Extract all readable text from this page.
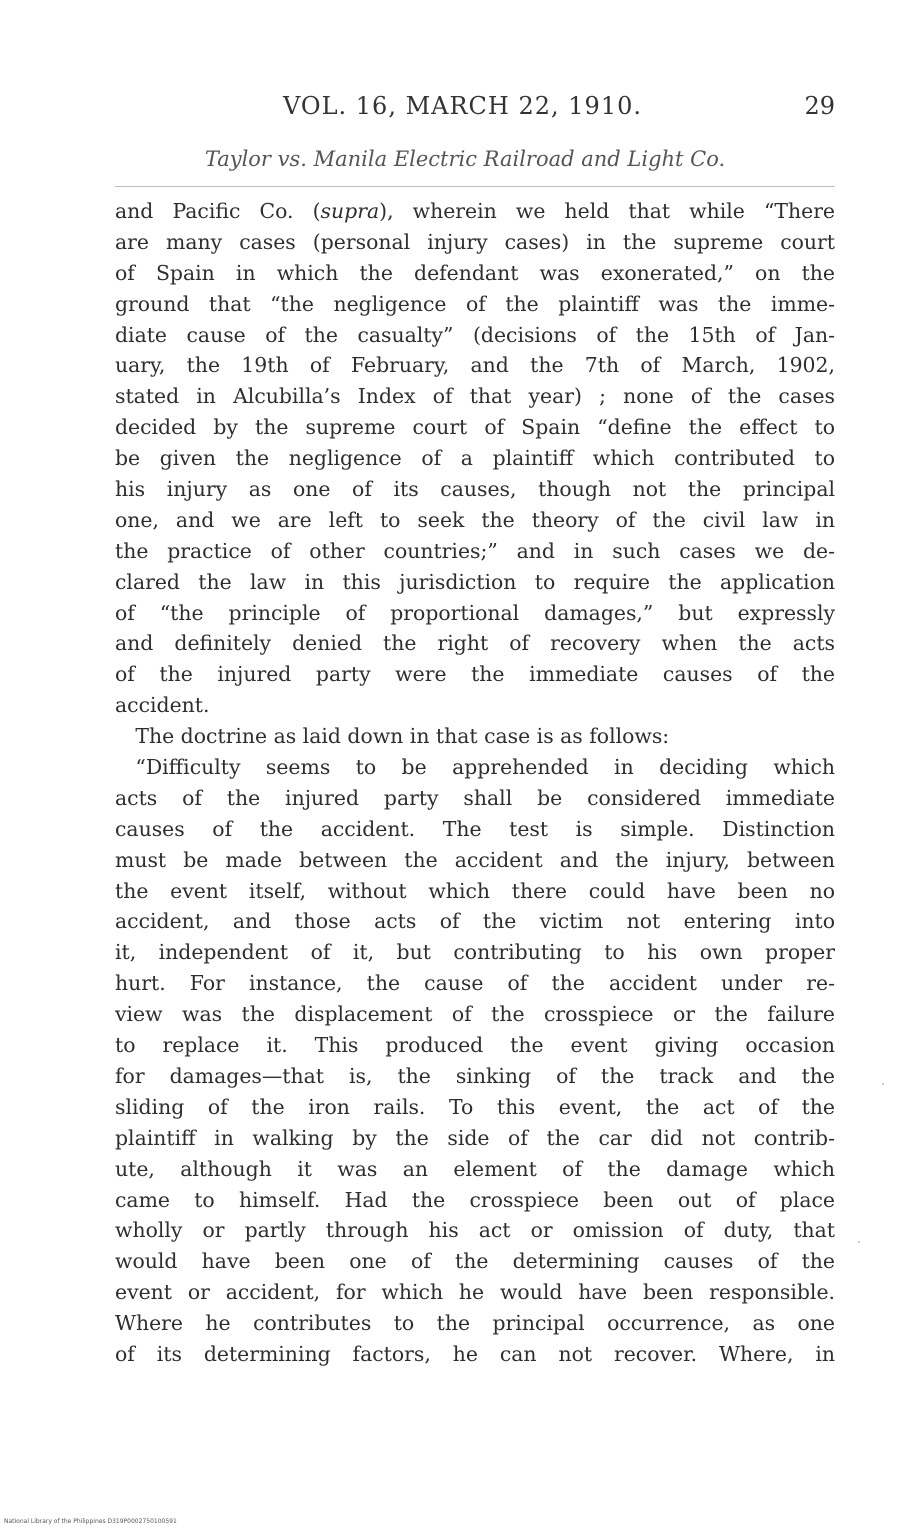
VOL. 16, MARCH 22, 1910.	29
Taylor vs. Manila Electric Railroad and Light Co.
and Pacific Co. (supra), wherein we held that while “There
are many cases (personal injury cases) in the supreme court
of Spain in which the defendant was exonerated,” on the
ground that “the negligence of the plaintiff was the imme-
diate cause of the casualty” (decisions of the 15th of Jan-
uary, the 19th of February, and the 7th of March, 1902,
stated in Alcubilla’s Index of that year) ; none of the cases
decided by the supreme court of Spain “define the effect to
be given the negligence of a plaintiff which contributed to
his injury as one of its causes, though not the principal
one, and we are left to seek the theory of the civil law in
the practice of other countries;” and in such cases we de-
clared the law in this jurisdiction to require the application
of “the principle of proportional damages,” but expressly
and definitely denied the right of recovery when the acts
of the injured party were the immediate causes of the
accident.
 The doctrine as laid down in that case is as follows:
 “Difficulty seems to be apprehended in deciding which
acts of the injured party shall be considered immediate
causes of the accident. The test is simple. Distinction
must be made between the accident and the injury, between
the event itself, without which there could have been no
accident, and those acts of the victim not entering into
it, independent of it, but contributing to his own proper
hurt. For instance, the cause of the accident under re-
view was the displacement of the crosspiece or the failure
to replace it. This produced the event giving occasion
for damages—that is, the sinking of the track and the
sliding of the iron rails. To this event, the act of the
plaintiff in walking by the side of the car did not contrib-
ute, although it was an element of the damage which
came to himself. Had the crosspiece been out of place
wholly or partly through his act or omission of duty, that
would have been one of the determining causes of the
event or accident, for which he would have been responsible.
Where he contributes to the principal occurrence, as one
of its determining factors, he can not recover. Where, in
National Library of the Philippines D319P0002750100591
